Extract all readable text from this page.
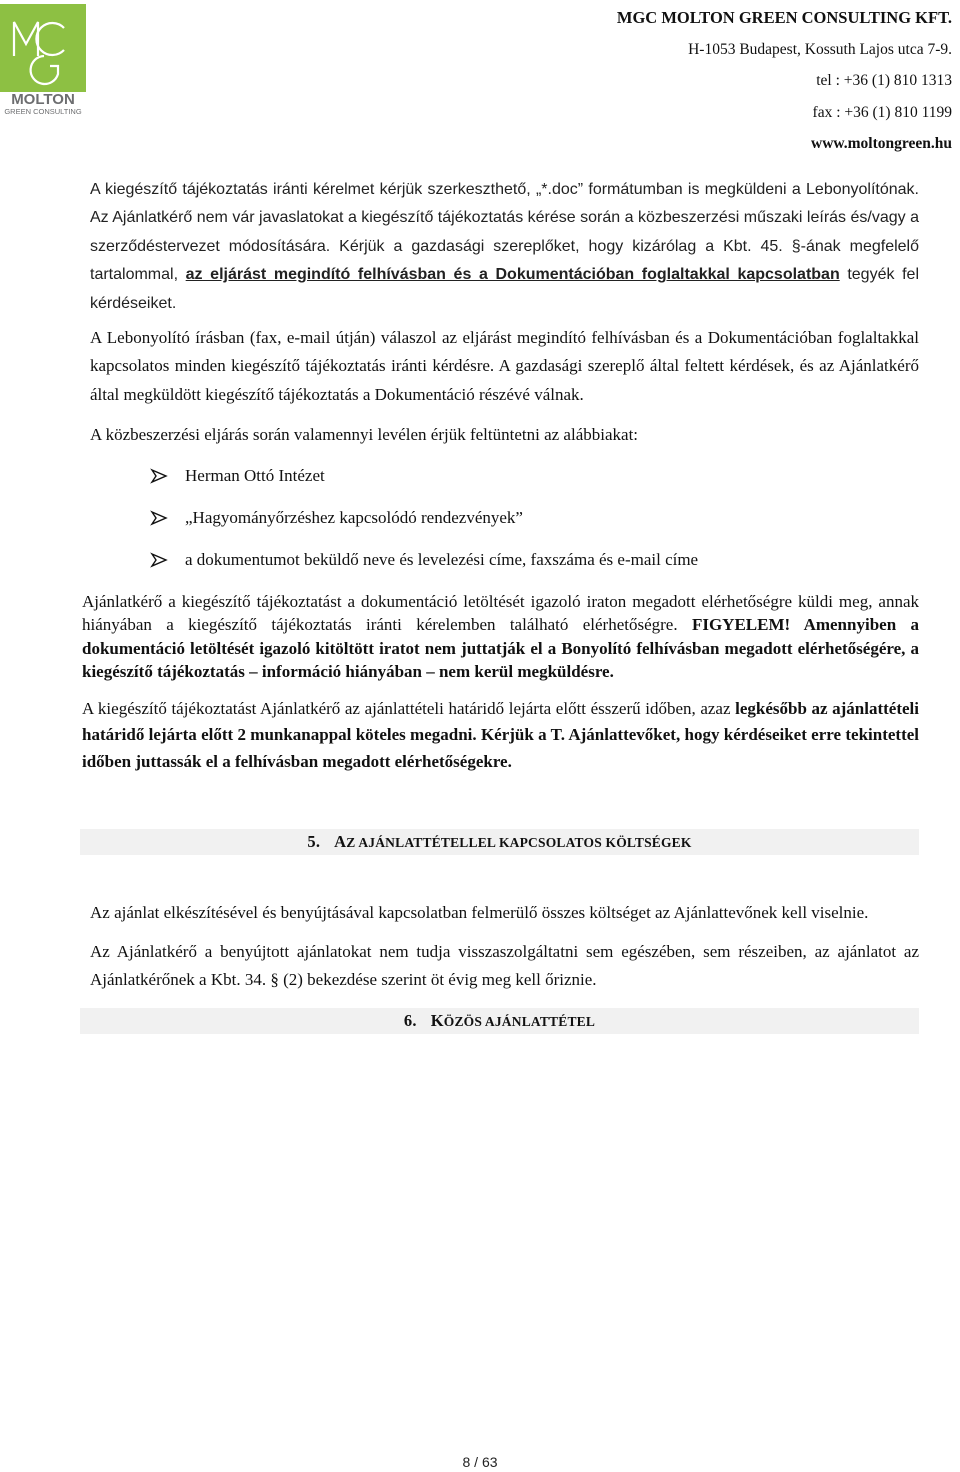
MOLTON
GREEN CONSULTING
MGC MOLTON GREEN CONSULTING KFT.
H-1053 Budapest, Kossuth Lajos utca 7-9.
tel : +36 (1) 810 1313
fax : +36 (1) 810 1199
www.moltongreen.hu

A kiegészítő tájékoztatás iránti kérelmet kérjük szerkeszthető, „*.doc” formátumban is megküldeni a Lebonyolítónak. Az Ajánlatkérő nem vár javaslatokat a kiegészítő tájékoztatás kérése során a közbeszerzési műszaki leírás és/vagy a szerződéstervezet módosítására. Kérjük a gazdasági szereplőket, hogy kizárólag a Kbt. 45. §-ának megfelelő tartalommal, az eljárást megindító felhívásban és a Dokumentációban foglaltakkal kapcsolatban tegyék fel kérdéseiket.

A Lebonyolító írásban (fax, e-mail útján) válaszol az eljárást megindító felhívásban és a Dokumentációban foglaltakkal kapcsolatos minden kiegészítő tájékoztatás iránti kérdésre. A gazdasági szereplő által feltett kérdések, és az Ajánlatkérő által megküldött kiegészítő tájékoztatás a Dokumentáció részévé válnak.

A közbeszerzési eljárás során valamennyi levélen érjük feltüntetni az alábbiakat:

Herman Ottó Intézet
„Hagyományőrzéshez kapcsolódó rendezvények”
a dokumentumot beküldő neve és levelezési címe, faxszáma és e-mail címe

Ajánlatkérő a kiegészítő tájékoztatást a dokumentáció letöltését igazoló iraton megadott elérhetőségre küldi meg, annak hiányában a kiegészítő tájékoztatás iránti kérelemben található elérhetőségre. FIGYELEM! Amennyiben a dokumentáció letöltését igazoló kitöltött iratot nem juttatják el a Bonyolító felhívásban megadott elérhetőségére, a kiegészítő tájékoztatás – információ hiányában – nem kerül megküldésre.

A kiegészítő tájékoztatást Ajánlatkérő az ajánlattételi határidő lejárta előtt ésszerű időben, azaz legkésőbb az ajánlattételi határidő lejárta előtt 2 munkanappal köteles megadni. Kérjük a T. Ajánlattevőket, hogy kérdéseiket erre tekintettel időben juttassák el a felhívásban megadott elérhetőségekre.

5. AZ AJÁNLATTÉTELLEL KAPCSOLATOS KÖLTSÉGEK

Az ajánlat elkészítésével és benyújtásával kapcsolatban felmerülő összes költséget az Ajánlattevőnek kell viselnie.

Az Ajánlatkérő a benyújtott ajánlatokat nem tudja visszaszolgáltatni sem egészében, sem részeiben, az ajánlatot az Ajánlatkérőnek a Kbt. 34. § (2) bekezdése szerint öt évig meg kell őriznie.

6. KÖZÖS AJÁNLATTÉTEL
8 / 63
